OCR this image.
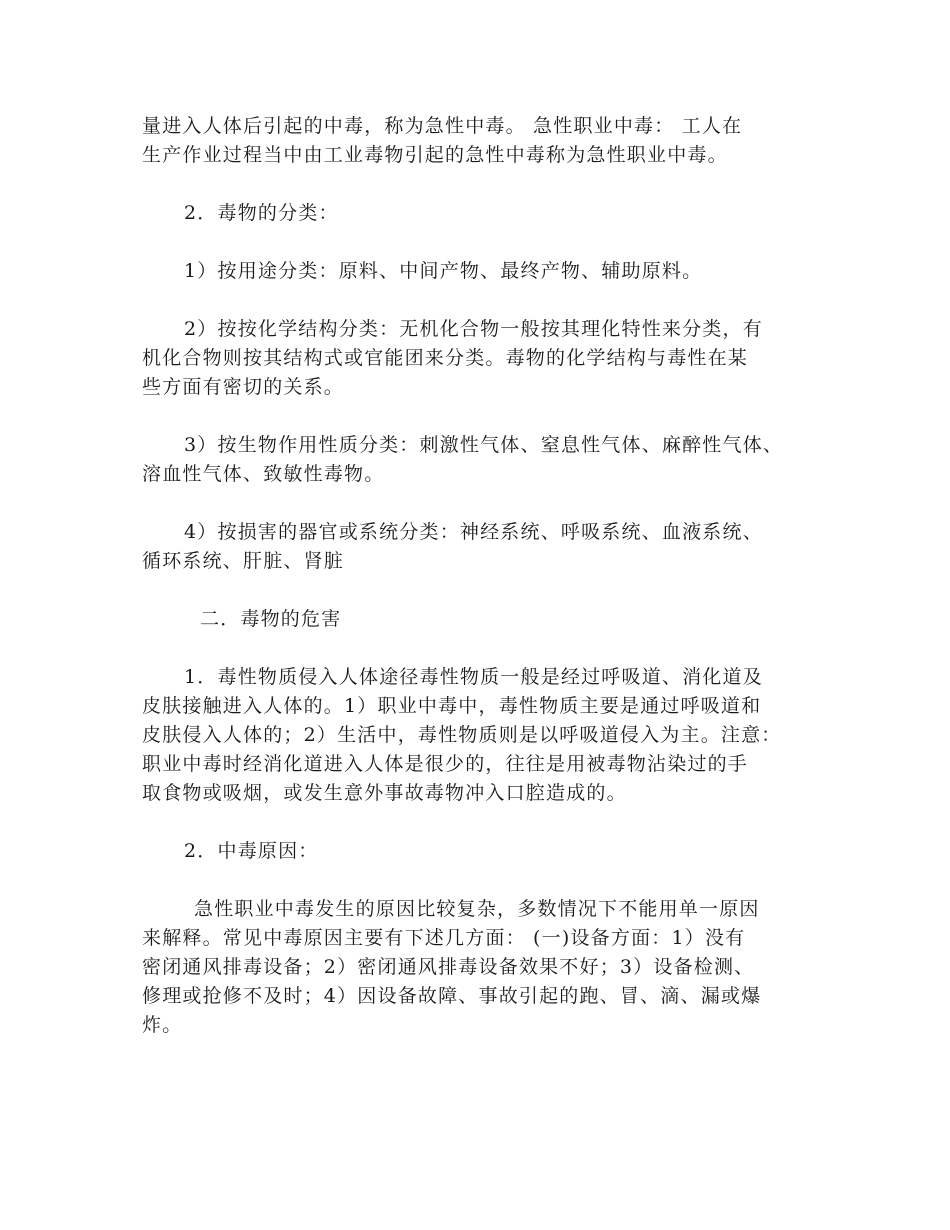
量进入人体后引起的中毒，称为急性中毒。 急性职业中毒： 工人在
生产作业过程当中由工业毒物引起的急性中毒称为急性职业中毒。
2．毒物的分类：
1）按用途分类：原料、中间产物、最终产物、辅助原料。
2）按按化学结构分类：无机化合物一般按其理化特性来分类，有
机化合物则按其结构式或官能团来分类。毒物的化学结构与毒性在某
些方面有密切的关系。
3）按生物作用性质分类：刺激性气体、窒息性气体、麻醉性气体、
溶血性气体、致敏性毒物。
4）按损害的器官或系统分类：神经系统、呼吸系统、血液系统、
循环系统、肝脏、肾脏
二．毒物的危害
1．毒性物质侵入人体途径毒性物质一般是经过呼吸道、消化道及
皮肤接触进入人体的。1）职业中毒中，毒性物质主要是通过呼吸道和
皮肤侵入人体的；2）生活中，毒性物质则是以呼吸道侵入为主。注意：
职业中毒时经消化道进入人体是很少的，往往是用被毒物沾染过的手
取食物或吸烟，或发生意外事故毒物冲入口腔造成的。
2．中毒原因：
急性职业中毒发生的原因比较复杂，多数情况下不能用单一原因
来解释。常见中毒原因主要有下述几方面： (一)设备方面：1）没有
密闭通风排毒设备；2）密闭通风排毒设备效果不好；3）设备检测、
修理或抢修不及时；4）因设备故障、事故引起的跑、冒、滴、漏或爆
炸。
